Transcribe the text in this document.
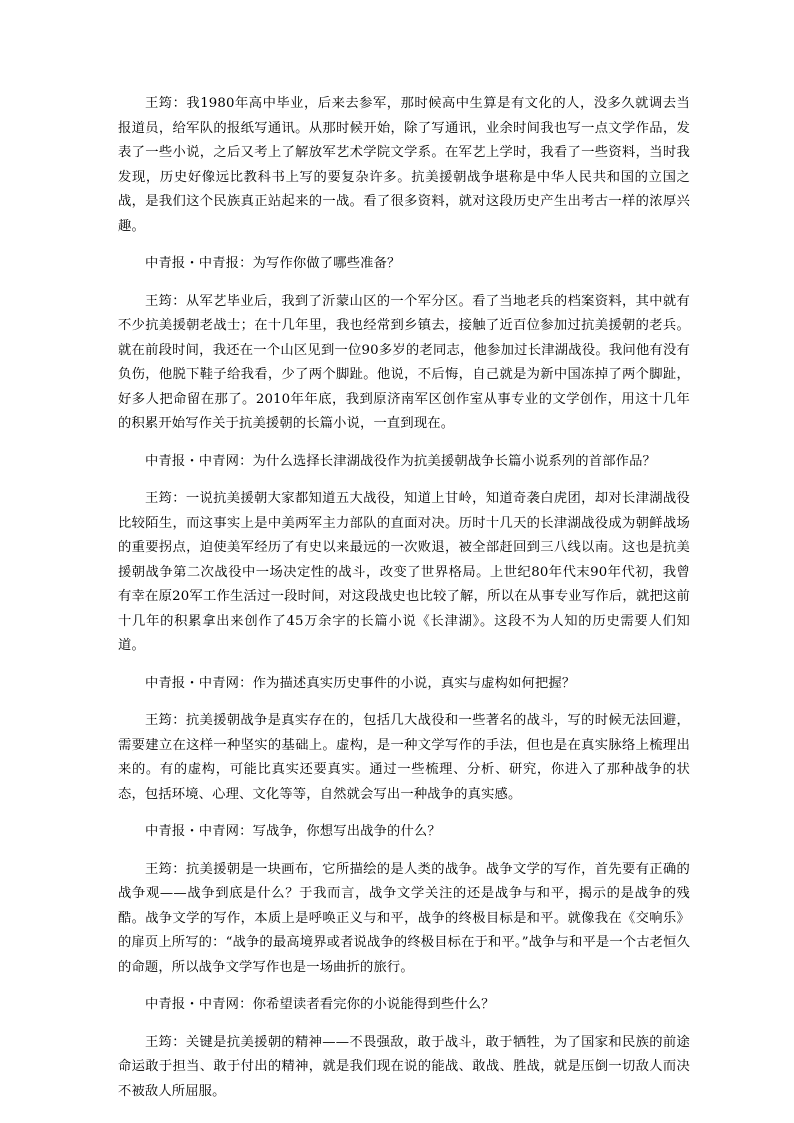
王筠：我1980年高中毕业，后来去参军，那时候高中生算是有文化的人，没多久就调去当报道员，给军队的报纸写通讯。从那时候开始，除了写通讯，业余时间我也写一点文学作品，发表了一些小说，之后又考上了解放军艺术学院文学系。在军艺上学时，我看了一些资料，当时我发现，历史好像远比教科书上写的要复杂许多。抗美援朝战争堪称是中华人民共和国的立国之战，是我们这个民族真正站起来的一战。看了很多资料，就对这段历史产生出考古一样的浓厚兴趣。

中青报・中青报：为写作你做了哪些准备？

王筠：从军艺毕业后，我到了沂蒙山区的一个军分区。看了当地老兵的档案资料，其中就有不少抗美援朝老战士；在十几年里，我也经常到乡镇去，接触了近百位参加过抗美援朝的老兵。就在前段时间，我还在一个山区见到一位90多岁的老同志，他参加过长津湖战役。我问他有没有负伤，他脱下鞋子给我看，少了两个脚趾。他说，不后悔，自己就是为新中国冻掉了两个脚趾，好多人把命留在那了。2010年年底，我到原济南军区创作室从事专业的文学创作，用这十几年的积累开始写作关于抗美援朝的长篇小说，一直到现在。

中青报・中青网：为什么选择长津湖战役作为抗美援朝战争长篇小说系列的首部作品？

王筠：一说抗美援朝大家都知道五大战役，知道上甘岭，知道奇袭白虎团，却对长津湖战役比较陌生，而这事实上是中美两军主力部队的直面对决。历时十几天的长津湖战役成为朝鲜战场的重要拐点，迫使美军经历了有史以来最远的一次败退，被全部赶回到三八线以南。这也是抗美援朝战争第二次战役中一场决定性的战斗，改变了世界格局。上世纪80年代末90年代初，我曾有幸在原20军工作生活过一段时间，对这段战史也比较了解，所以在从事专业写作后，就把这前十几年的积累拿出来创作了45万余字的长篇小说《长津湖》。这段不为人知的历史需要人们知道。

中青报・中青网：作为描述真实历史事件的小说，真实与虚构如何把握？

王筠：抗美援朝战争是真实存在的，包括几大战役和一些著名的战斗，写的时候无法回避，需要建立在这样一种坚实的基础上。虚构，是一种文学写作的手法，但也是在真实脉络上梳理出来的。有的虚构，可能比真实还要真实。通过一些梳理、分析、研究，你进入了那种战争的状态，包括环境、心理、文化等等，自然就会写出一种战争的真实感。

中青报・中青网：写战争，你想写出战争的什么？

王筠：抗美援朝是一块画布，它所描绘的是人类的战争。战争文学的写作，首先要有正确的战争观——战争到底是什么？于我而言，战争文学关注的还是战争与和平，揭示的是战争的残酷。战争文学的写作，本质上是呼唤正义与和平，战争的终极目标是和平。就像我在《交响乐》的扉页上所写的：“战争的最高境界或者说战争的终极目标在于和平。”战争与和平是一个古老恒久的命题，所以战争文学写作也是一场曲折的旅行。

中青报・中青网：你希望读者看完你的小说能得到些什么？

王筠：关键是抗美援朝的精神——不畏强敌，敢于战斗，敢于牺牲，为了国家和民族的前途命运敢于担当、敢于付出的精神，就是我们现在说的能战、敢战、胜战，就是压倒一切敌人而决不被敌人所屈服。
